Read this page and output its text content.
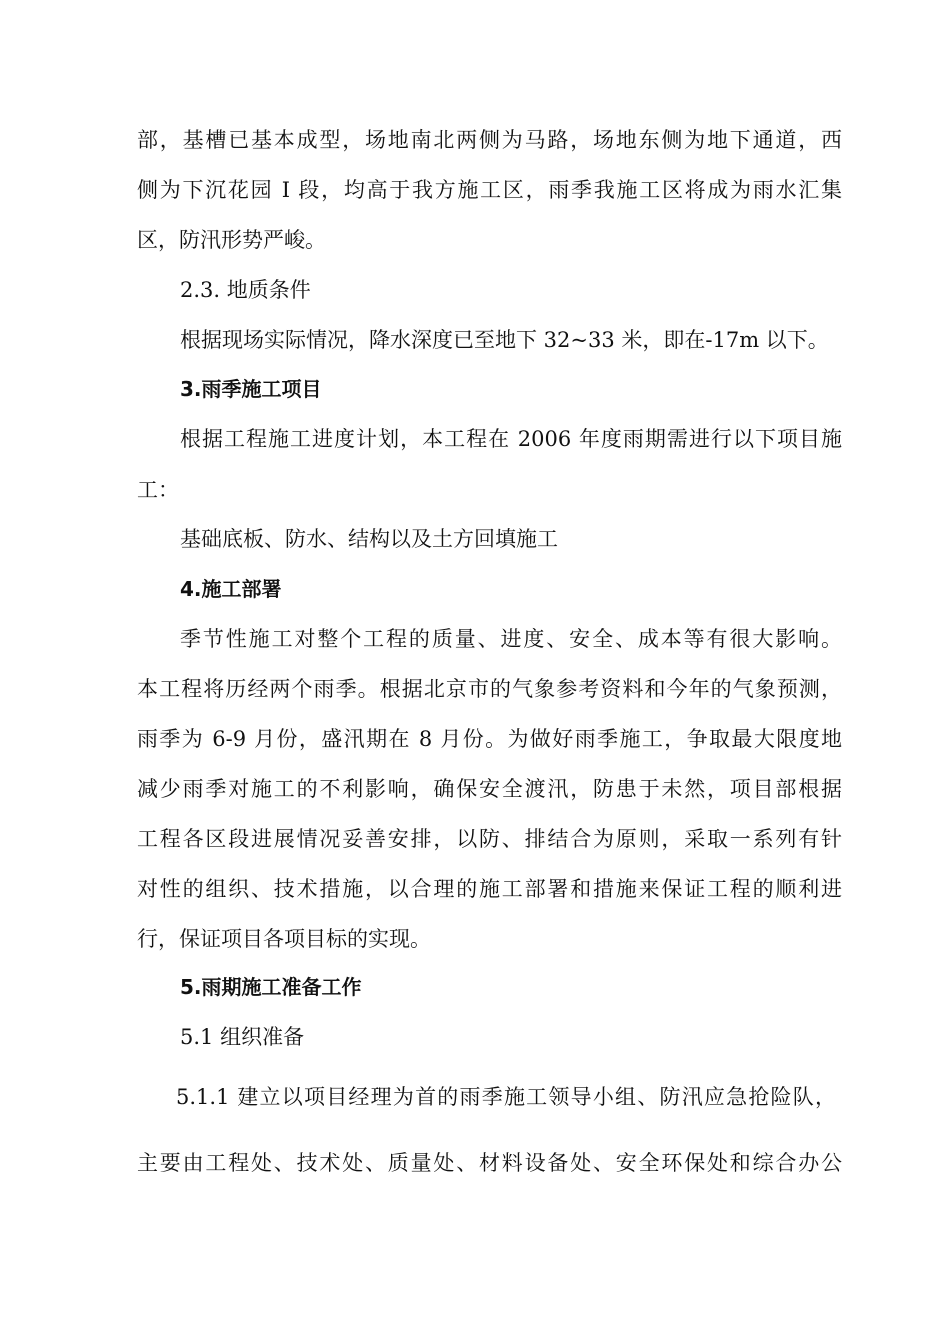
部，基槽已基本成型，场地南北两侧为马路，场地东侧为地下通道，西
侧为下沉花园 I 段，均高于我方施工区，雨季我施工区将成为雨水汇集
区，防汛形势严峻。
2.3. 地质条件
根据现场实际情况，降水深度已至地下 32~33 米，即在-17m 以下。
3.雨季施工项目
根据工程施工进度计划，本工程在 2006 年度雨期需进行以下项目施
工：
基础底板、防水、结构以及土方回填施工
4.施工部署
季节性施工对整个工程的质量、进度、安全、成本等有很大影响。
本工程将历经两个雨季。根据北京市的气象参考资料和今年的气象预测，
雨季为 6-9 月份，盛汛期在 8 月份。为做好雨季施工，争取最大限度地
减少雨季对施工的不利影响，确保安全渡汛，防患于未然，项目部根据
工程各区段进展情况妥善安排，以防、排结合为原则，采取一系列有针
对性的组织、技术措施，以合理的施工部署和措施来保证工程的顺利进
行，保证项目各项目标的实现。
5.雨期施工准备工作
5.1 组织准备
5.1.1 建立以项目经理为首的雨季施工领导小组、防汛应急抢险队，
主要由工程处、技术处、质量处、材料设备处、安全环保处和综合办公
